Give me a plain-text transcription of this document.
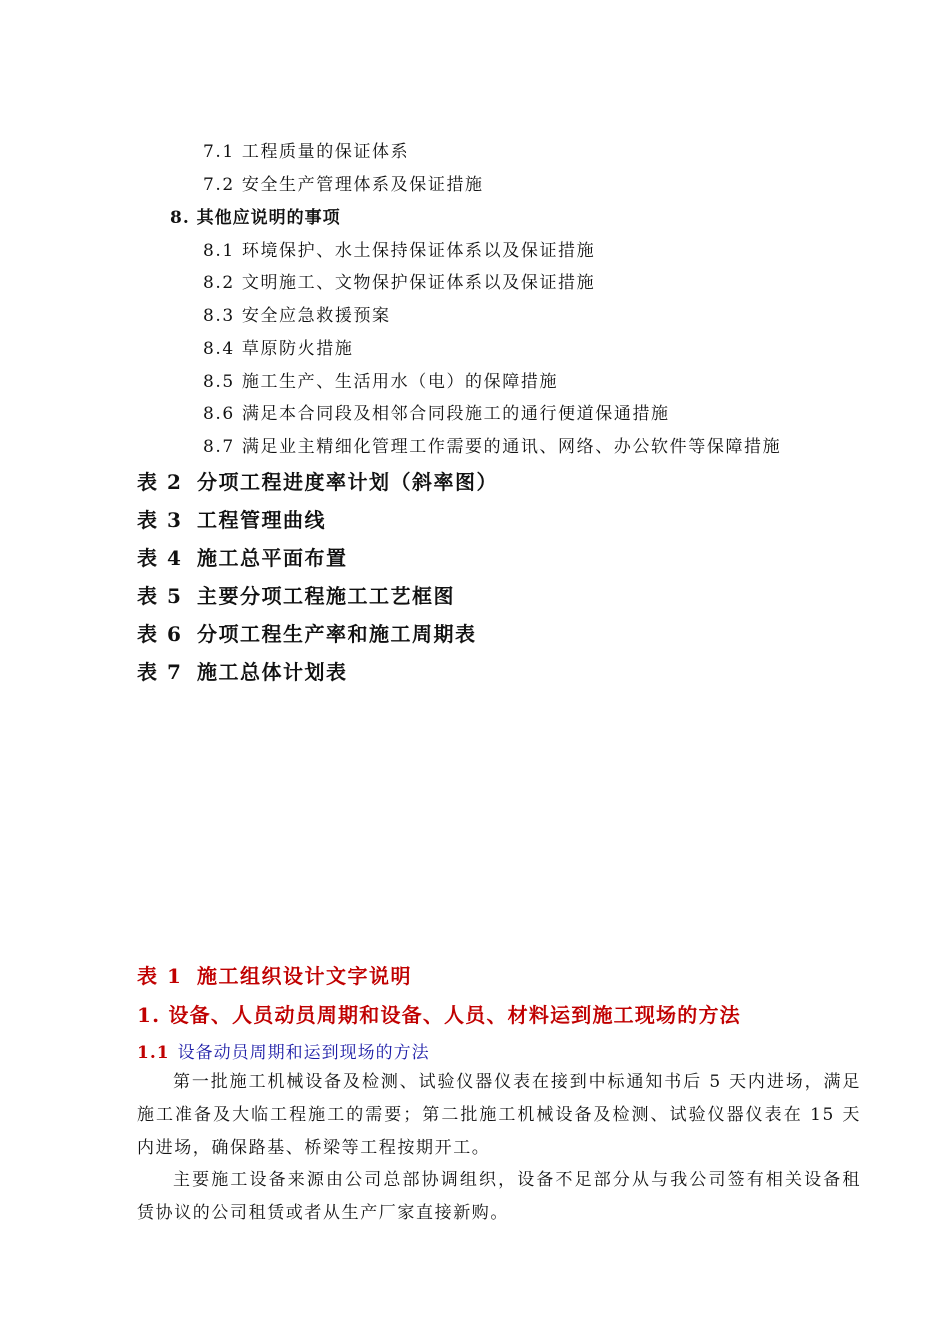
7.1 工程质量的保证体系
7.2 安全生产管理体系及保证措施
8. 其他应说明的事项
8.1 环境保护、水土保持保证体系以及保证措施
8.2 文明施工、文物保护保证体系以及保证措施
8.3 安全应急救援预案
8.4 草原防火措施
8.5 施工生产、生活用水（电）的保障措施
8.6 满足本合同段及相邻合同段施工的通行便道保通措施
8.7 满足业主精细化管理工作需要的通讯、网络、办公软件等保障措施
表 2 分项工程进度率计划（斜率图）
表 3 工程管理曲线
表 4 施工总平面布置
表 5 主要分项工程施工工艺框图
表 6 分项工程生产率和施工周期表
表 7 施工总体计划表
表 1 施工组织设计文字说明
1. 设备、人员动员周期和设备、人员、材料运到施工现场的方法
1.1 设备动员周期和运到现场的方法
第一批施工机械设备及检测、试验仪器仪表在接到中标通知书后 5 天内进场，满足施工准备及大临工程施工的需要；第二批施工机械设备及检测、试验仪器仪表在 15 天内进场，确保路基、桥梁等工程按期开工。
主要施工设备来源由公司总部协调组织，设备不足部分从与我公司签有相关设备租赁协议的公司租赁或者从生产厂家直接新购。
